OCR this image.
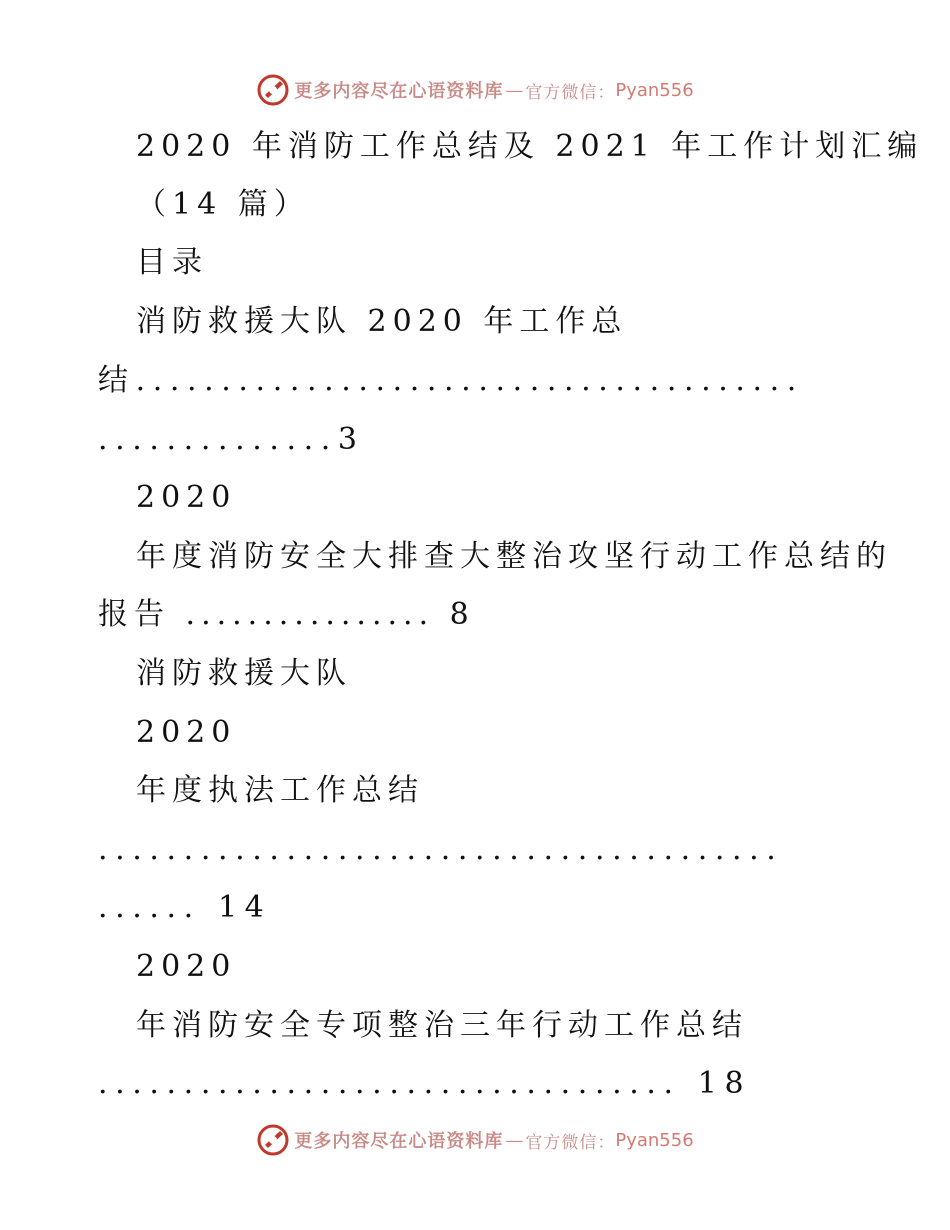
更多内容尽在心语资料库 — 官方微信： Pyan556
2020 年消防工作总结及 2021 年工作计划汇编
（14 篇）
目录
消防救援大队 2020 年工作总
结.......................................
..............3
2020
年度消防安全大排查大整治攻坚行动工作总结的
报告 ................ 8
消防救援大队
2020
年度执法工作总结
........................................
...... 14
2020
年消防安全专项整治三年行动工作总结
.................................. 18
更多内容尽在心语资料库 — 官方微信： Pyan556
